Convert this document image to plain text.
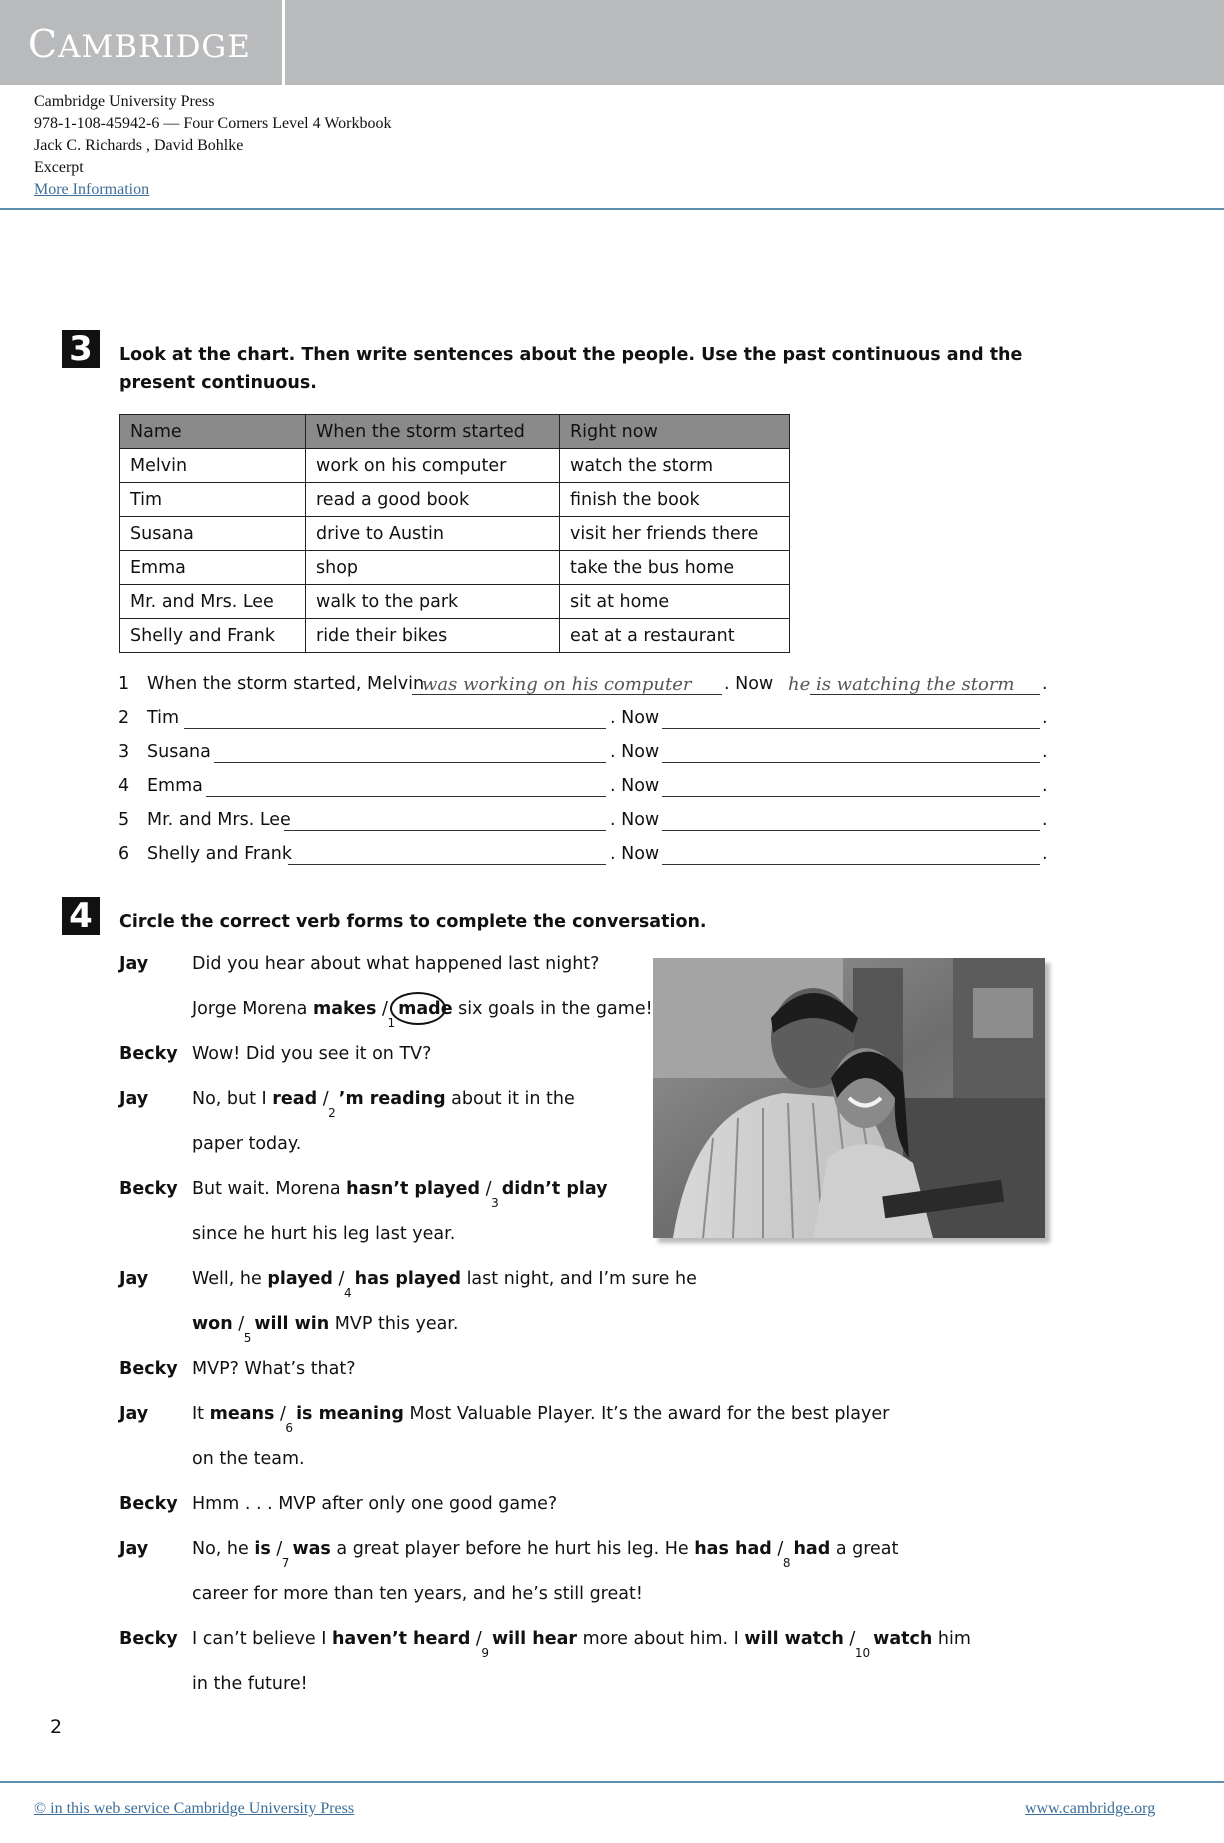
CAMBRIDGE
Cambridge University Press
978-1-108-45942-6 — Four Corners Level 4 Workbook
Jack C. Richards , David Bohlke
Excerpt
More Information
3	Look at the chart. Then write sentences about the people. Use the past continuous and the
present continuous.
Name	When the storm started	Right now
Melvin	work on his computer	watch the storm
Tim	read a good book	finish the book
Susana	drive to Austin	visit her friends there
Emma	shop	take the bus home
Mr. and Mrs. Lee	walk to the park	sit at home
Shelly and Frank	ride their bikes	eat at a restaurant
1 When the storm started, Melvin
was working on his computer . Now he is watching the storm .
2 Tim	. Now	.
3 Susana	. Now	.
4 Emma	. Now	.
5 Mr. and Mrs. Lee	. Now	.
6 Shelly and Frank	. Now	.
4	Circle the correct verb forms to complete the conversation.
Jay	Did you hear about what happened last night?
Jorge Morena makes / $_1$made six goals in the game!
Becky Wow! Did you see it on TV?
Jay	No, but I read / $_2$’m reading about it in the
paper today.
Becky But wait. Morena hasn’t played / $_3$didn’t play
since he hurt his leg last year.
Jay	Well, he played / $_4$has played last night, and I’m sure he
won / $_5$will win MVP this year.
Becky MVP? What’s that?
Jay	It means / $_6$is meaning Most Valuable Player. It’s the award for the best player
on the team.
Becky Hmm . . . MVP after only one good game?
Jay	No, he is / $_7$was a great player before he hurt his leg. He has had / $_8$had a great
career for more than ten years, and he’s still great!
Becky I can’t believe I haven’t heard / $_9$will hear more about him. I will watch / $_{10}$watch him
in the future!
2
© in this web service Cambridge University Press	www.cambridge.org
